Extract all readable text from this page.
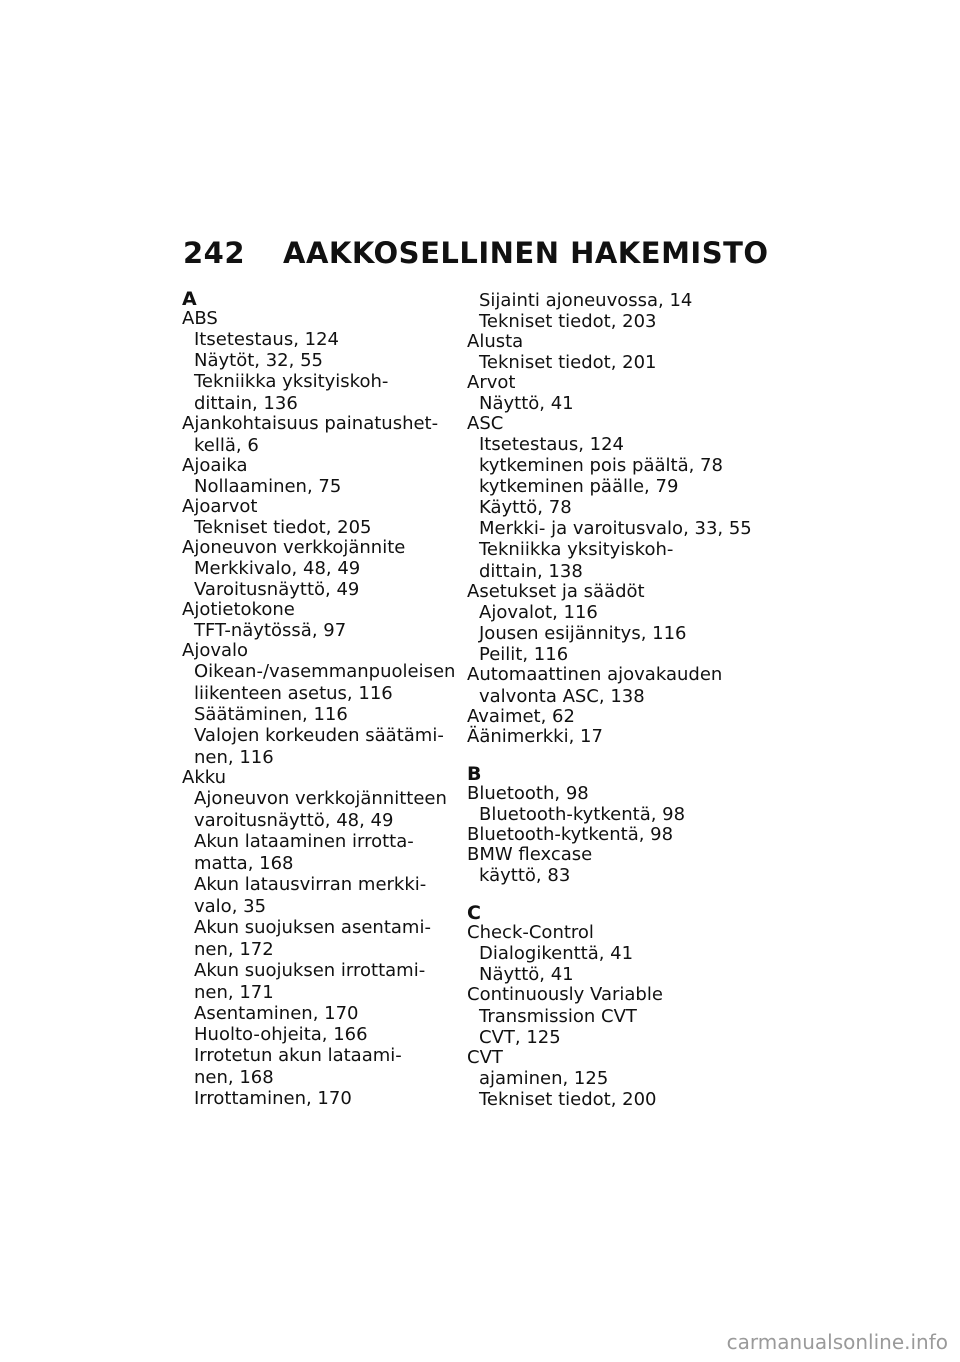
242 AAKKOSELLINEN HAKEMISTO
A
ABS
Itsetestaus, 124
Näytöt, 32, 55
Tekniikka yksityiskoh-
dittain, 136
Ajankohtaisuus painatushet-
kellä, 6
Ajoaika
Nollaaminen, 75
Ajoarvot
Tekniset tiedot, 205
Ajoneuvon verkkojännite
Merkkivalo, 48, 49
Varoitusnäyttö, 49
Ajotietokone
TFT-näytössä, 97
Ajovalo
Oikean-/vasemmanpuoleisen
liikenteen asetus, 116
Säätäminen, 116
Valojen korkeuden säätämi-
nen, 116
Akku
Ajoneuvon verkkojännitteen
varoitusnäyttö, 48, 49
Akun lataaminen irrotta-
matta, 168
Akun latausvirran merkki-
valo, 35
Akun suojuksen asentami-
nen, 172
Akun suojuksen irrottami-
nen, 171
Asentaminen, 170
Huolto-ohjeita, 166
Irrotetun akun lataami-
nen, 168
Irrottaminen, 170
Sijainti ajoneuvossa, 14
Tekniset tiedot, 203
Alusta
Tekniset tiedot, 201
Arvot
Näyttö, 41
ASC
Itsetestaus, 124
kytkeminen pois päältä, 78
kytkeminen päälle, 79
Käyttö, 78
Merkki- ja varoitusvalo, 33, 55
Tekniikka yksityiskoh-
dittain, 138
Asetukset ja säädöt
Ajovalot, 116
Jousen esijännitys, 116
Peilit, 116
Automaattinen ajovakauden
valvonta ASC, 138
Avaimet, 62
Äänimerkki, 17
B
Bluetooth, 98
Bluetooth-kytkentä, 98
Bluetooth-kytkentä, 98
BMW flexcase
käyttö, 83
C
Check-Control
Dialogikenttä, 41
Näyttö, 41
Continuously Variable
Transmission CVT
CVT, 125
CVT
ajaminen, 125
Tekniset tiedot, 200
carmanualsonline.info
